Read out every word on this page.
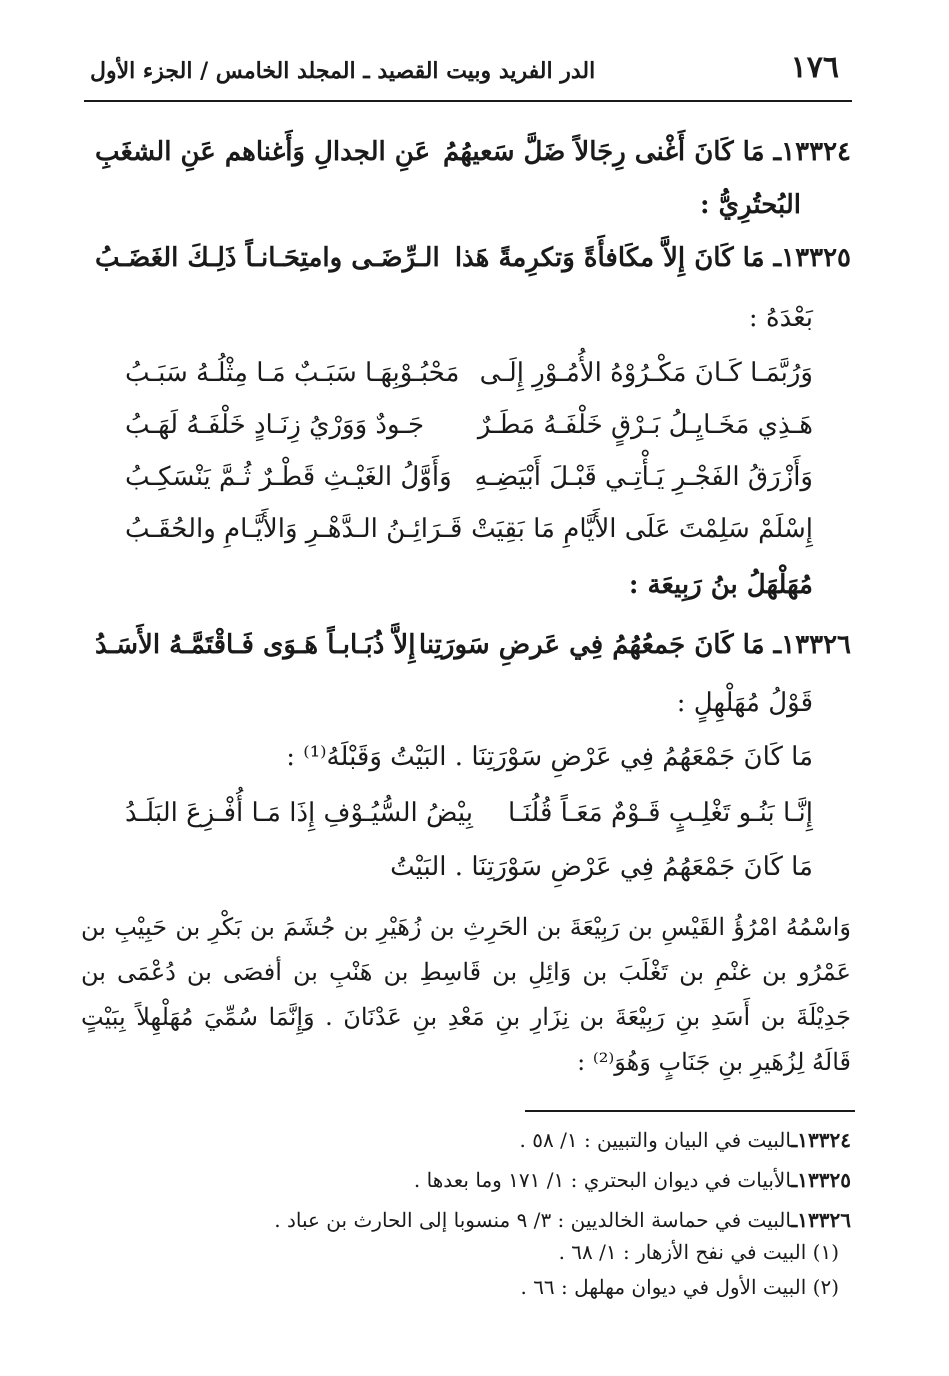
١٧٦
الدر الفريد وبيت القصيد ـ المجلد الخامس / الجزء الأول
١٣٣٢٤ـ مَا كَانَ أَغْنى رِجَالاً ضَلَّ سَعيهُمُ
عَنِ الجدالِ وَأَغناهم عَنِ الشغَبِ
البُحتُرِيُّ :
١٣٣٢٥ـ مَا كَانَ إِلاَّ مكَافأَةً وَتكرِمةً هَذا
الـرِّضَـى وامتِحَـانـاً ذَلِـكَ الغَضَـبُ
بَعْدَهُ :
وَرُبَّمَـا كَـانَ مَكْـرُوْهُ الأُمُـوْرِ إِلَـى
مَحْبُـوْبِهَـا سَبَـبٌ مَـا مِثْلُـهُ سَبَـبُ
هَـذِي مَخَـايِـلُ بَـرْقٍ خَلْفَـهُ مَطَـرٌ
جَـودٌ وَوَرْيُ زِنَـادٍ خَلْفَـهُ لَهَـبُ
وَأَزْرَقُ الفَجْـرِ يَـأْتِـي قَبْـلَ أَبْيَضِـهِ
وَأَوَّلُ الغَيْـثِ قَطْـرٌ ثُـمَّ يَنْسَكِـبُ
إِسْلَمْ سَلِمْتَ عَلَى الأَيَّامِ مَا بَقِيَتْ
قَـرَائِـنُ الـدَّهْـرِ وَالأَيَّـامِ والحُقَـبُ
مُهَلْهَلُ بنُ رَبِيعَة :
١٣٣٢٦ـ مَا كَانَ جَمعُهُمُ فِي عَرضِ سَورَتِنا
إِلاَّ ذُبَـابـاً هَـوَى فَـاقْتَمَّـهُ الأَسَـدُ
قَوْلُ مُهَلْهِلٍ :
مَا كَانَ جَمْعَهُمُ فِي عَرْضِ سَوْرَتِنَا . البَيْتُ وَقَبْلَهُ⁽¹⁾ :
إِنَّـا بَنُـو تَغْلِـبٍ قَـوْمٌ مَعَـاً قُلُنَـا
بِيْضُ السُّيُـوْفِ إِذَا مَـا أُفْـزِعَ البَلَـدُ
مَا كَانَ جَمْعَهُمُ فِي عَرْضِ سَوْرَتِنَا . البَيْتُ
وَاسْمُهُ امْرُؤُ القَيْسِ بن رَبِيْعَةَ بن الحَرِثِ بن زُهَيْرِ بن جُشَمَ بن بَكْرِ بن حَبِيْبِ بن عَمْرُو بن غنْمِ بن تَغْلَبَ بن وَائِلِ بن قَاسِطِ بن هَنْبِ بن أفصَى بن دُعْمَى بن جَدِيْلَةَ بن أَسَدِ بنِ رَبِيْعَةَ بن نِزَارِ بنِ مَعْدِ بنِ عَدْنَانَ . وَإِنَّمَا سُمِّيَ مُهَلْهِلاً بِبَيْتٍ قَالَهُ لِزُهَيرِ بنِ جَنَابٍ وَهُوَ⁽²⁾ :
١٣٣٢٤ـالبيت في البيان والتبيين : ١/ ٥٨ .
١٣٣٢٥ـالأبيات في ديوان البحتري : ١/ ١٧١ وما بعدها .
١٣٣٢٦ـالبيت في حماسة الخالديين : ٣/ ٩ منسوبا إلى الحارث بن عباد .
(١) البيت في نفح الأزهار : ١/ ٦٨ .
(٢) البيت الأول في ديوان مهلهل : ٦٦ .
